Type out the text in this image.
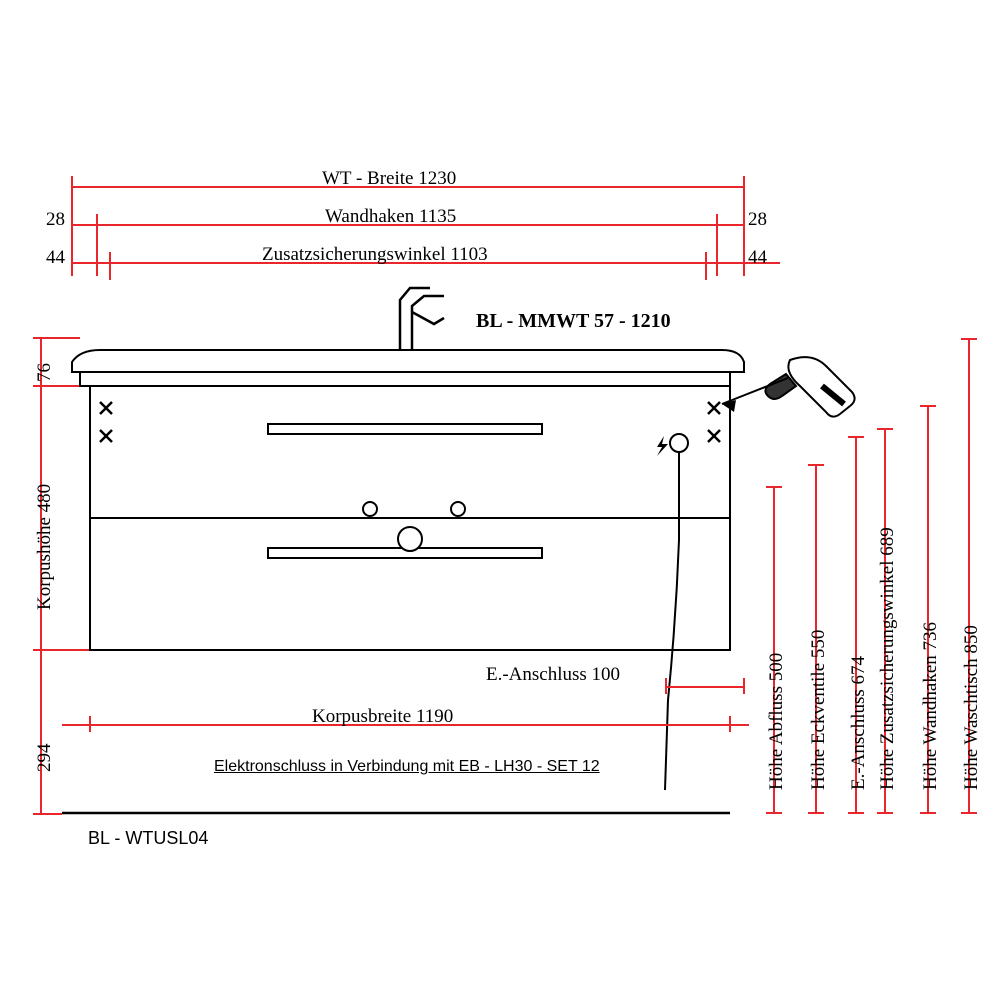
WT - Breite 1230
Wandhaken 1135
28	28
Zusatzsicherungswinkel 1103
44	44
76
Korpushöhe 480
294
BL - MMWT 57 - 1210
E.-Anschluss 100
Korpusbreite 1190
Elektronschluss in Verbindung mit EB - LH30 - SET 12
BL - WTUSL04
Höhe Abfluss 500 Höhe Eckventile 550 E.-Anschluss 674 Höhe Zusatzsicherungswinkel 689 Höhe Wandhaken 736 Höhe Waschtisch 850
